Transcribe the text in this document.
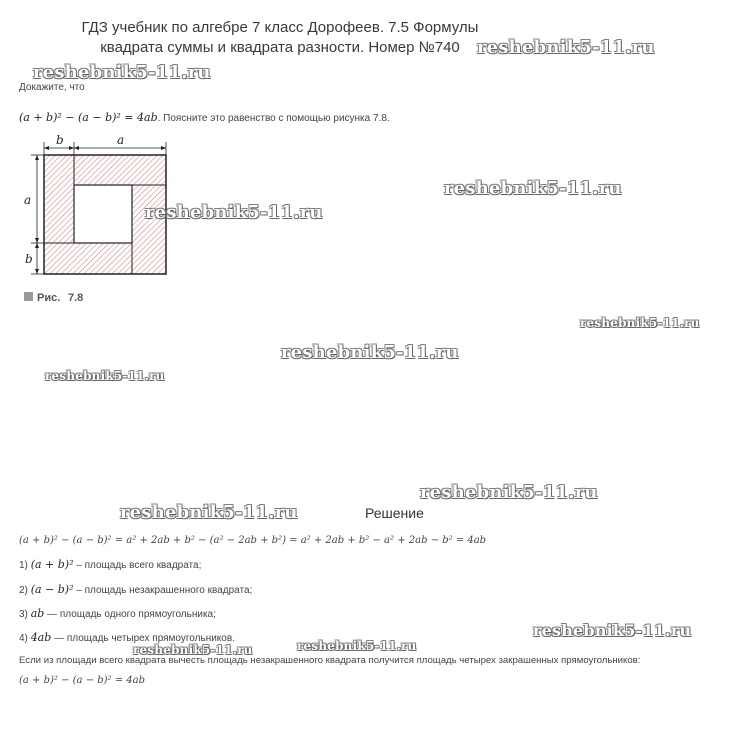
ГДЗ учебник по алгебре 7 класс Дорофеев. 7.5 Формулы
квадрата суммы и квадрата разности. Номер №740 reshebnik5-11.ru
reshebnik5-11.ru
Докажите, что
(a + b)² − (a − b)² = 4ab. Поясните это равенство с помощью рисунка 7.8.
b	a
a
b
Рис. 7.8
reshebnik5-11.ru
reshebnik5-11.ru
reshebnik5-11.ru
reshebnik5-11.ru
reshebnik5-11.ru
reshebnik5-11.ru
reshebnik5-11.ru	Решение
(a + b)² − (a − b)² = a² + 2ab + b² − (a² − 2ab + b²) = a² + 2ab + b² − a² + 2ab − b² = 4ab
1) (a + b)² – площадь всего квадрата;
2) (a − b)² – площадь незакрашенного квадрата;
3) ab — площадь одного прямоугольника;
4) 4ab — площадь четырех прямоугольников.	reshebnik5-11.ru
reshebnik5-11.ru
reshebnik5-11.ru
Если из площади всего квадрата вычесть площадь незакрашенного квадрата получится площадь четырех закрашенных прямоугольников:
(a + b)² − (a − b)² = 4ab
